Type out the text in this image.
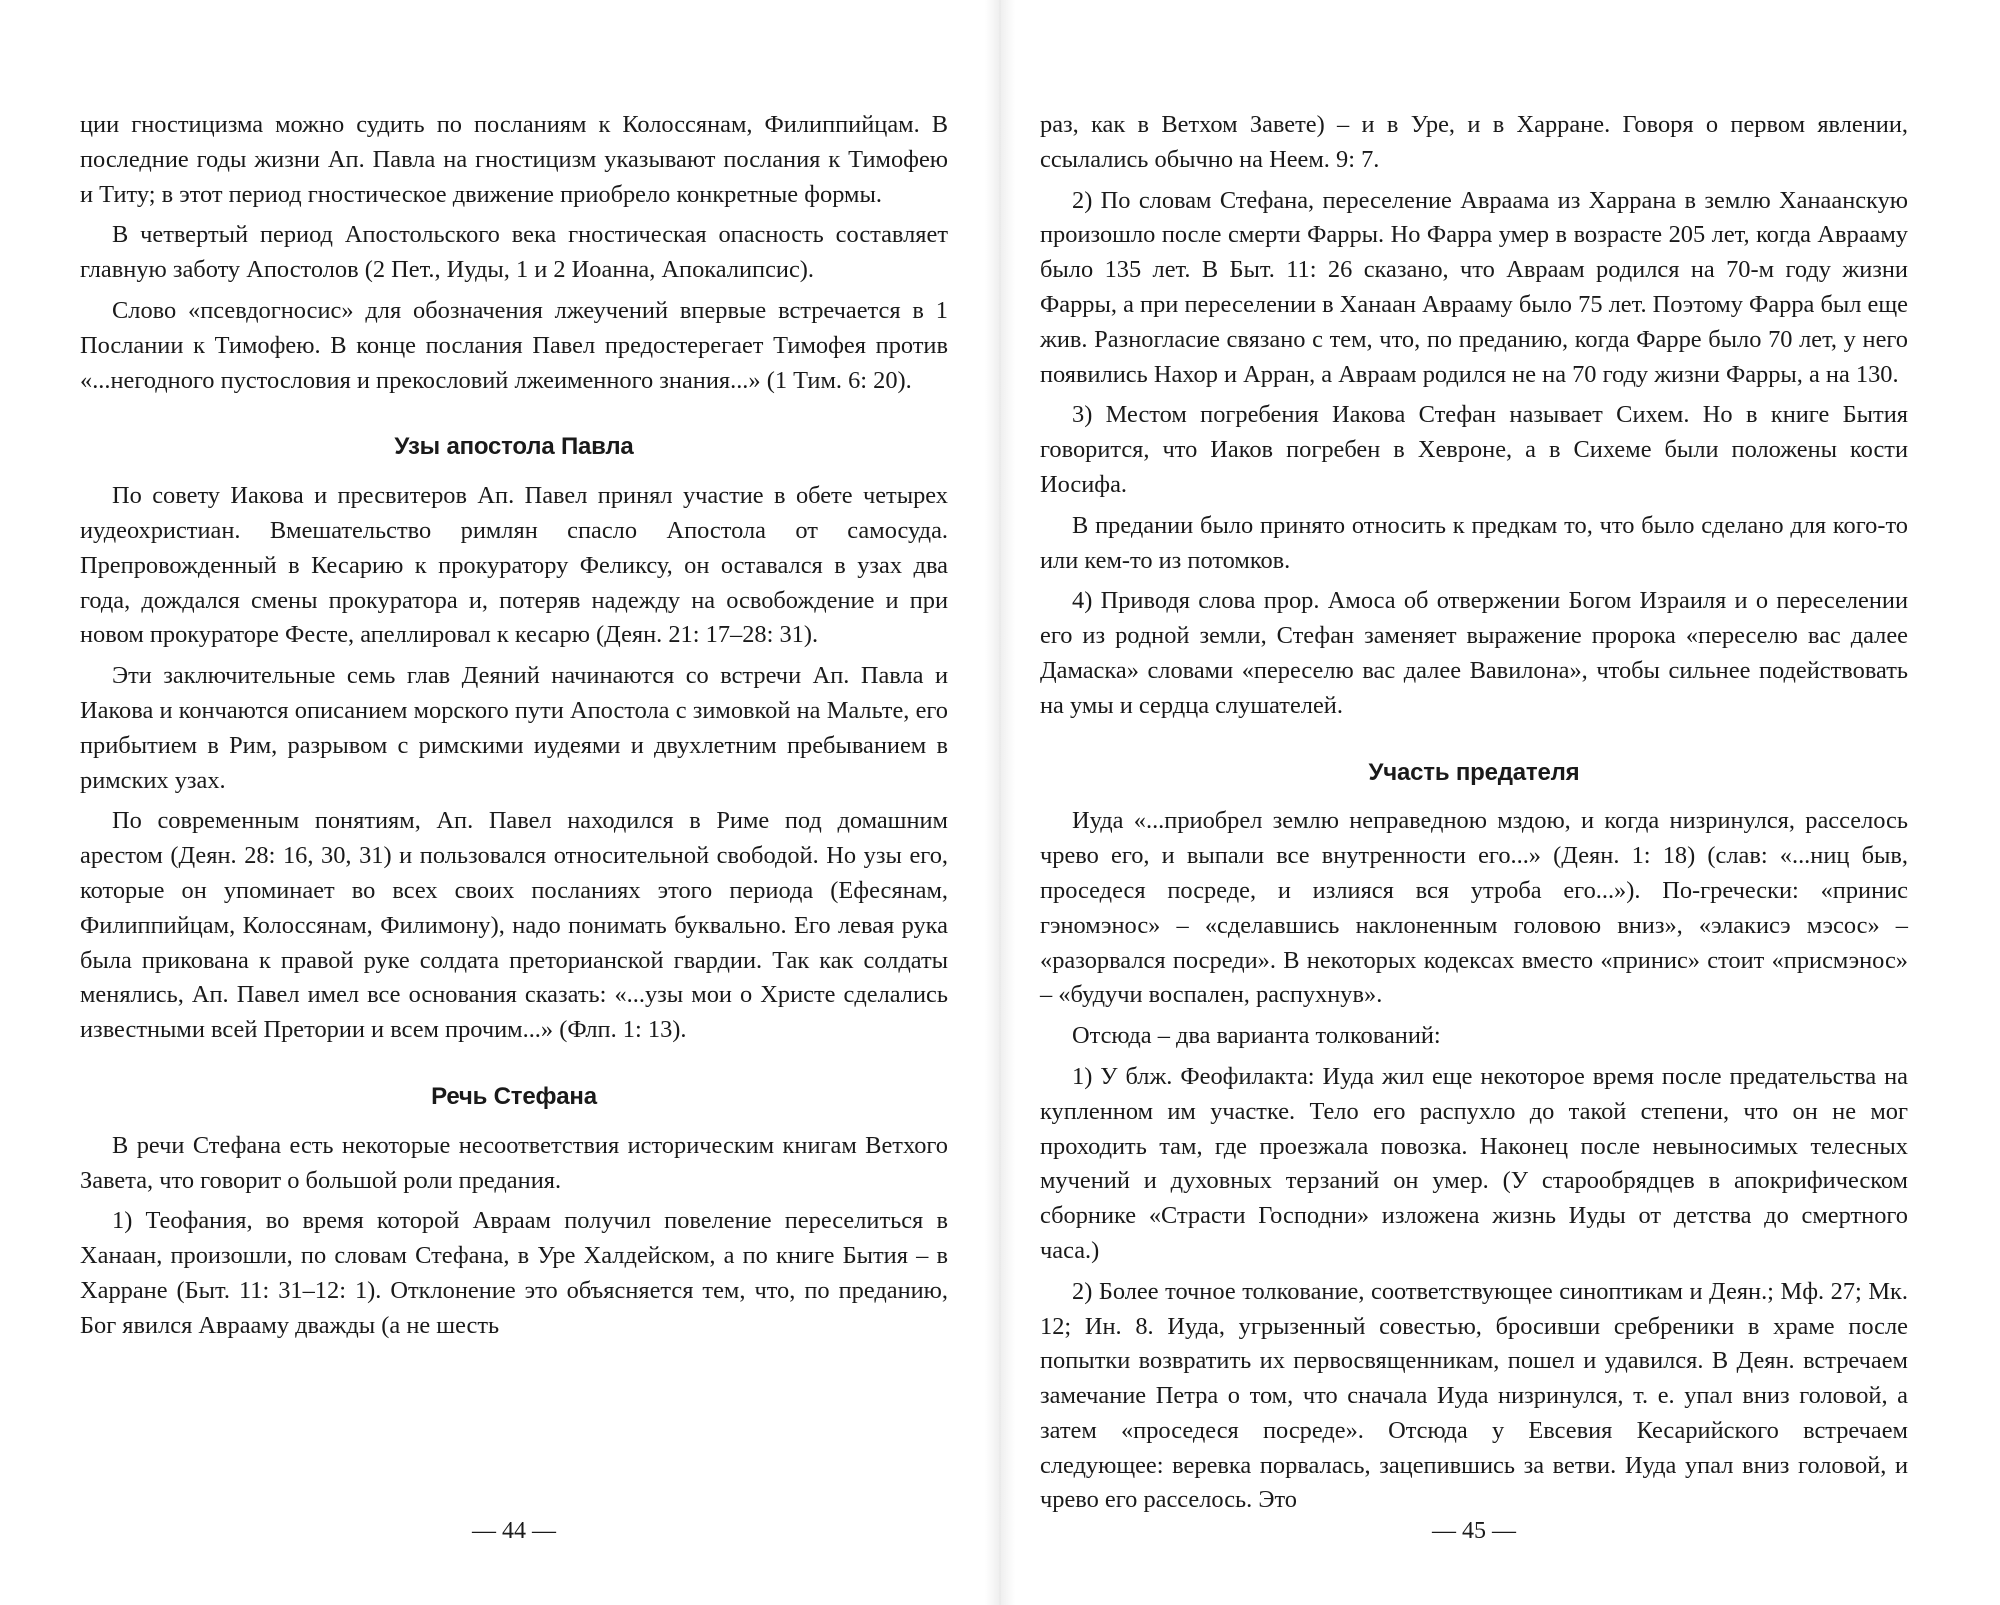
ции гностицизма можно судить по посланиям к Колоссянам, Филиппийцам. В последние годы жизни Ап. Павла на гностицизм указывают послания к Тимофею и Титу; в этот период гностическое движение приобрело конкретные формы.

В четвертый период Апостольского века гностическая опасность составляет главную заботу Апостолов (2 Пет., Иуды, 1 и 2 Иоанна, Апокалипсис).

Слово «псевдогносис» для обозначения лжеучений впервые встречается в 1 Послании к Тимофею. В конце послания Павел предостерегает Тимофея против «...негодного пустословия и прекословий лжеименного знания...» (1 Тим. 6: 20).

Узы апостола Павла

По совету Иакова и пресвитеров Ап. Павел принял участие в обете четырех иудеохристиан. Вмешательство римлян спасло Апостола от самосуда. Препровожденный в Кесарию к прокуратору Феликсу, он оставался в узах два года, дождался смены прокуратора и, потеряв надежду на освобождение и при новом прокураторе Фесте, апеллировал к кесарю (Деян. 21: 17–28: 31).

Эти заключительные семь глав Деяний начинаются со встречи Ап. Павла и Иакова и кончаются описанием морского пути Апостола с зимовкой на Мальте, его прибытием в Рим, разрывом с римскими иудеями и двухлетним пребыванием в римских узах.

По современным понятиям, Ап. Павел находился в Риме под домашним арестом (Деян. 28: 16, 30, 31) и пользовался относительной свободой. Но узы его, которые он упоминает во всех своих посланиях этого периода (Ефесянам, Филиппийцам, Колоссянам, Филимону), надо понимать буквально. Его левая рука была прикована к правой руке солдата преторианской гвардии. Так как солдаты менялись, Ап. Павел имел все основания сказать: «...узы мои о Христе сделались известными всей Претории и всем прочим...» (Флп. 1: 13).

Речь Стефана

В речи Стефана есть некоторые несоответствия историческим книгам Ветхого Завета, что говорит о большой роли предания.

1) Теофания, во время которой Авраам получил повеление переселиться в Ханаан, произошли, по словам Стефана, в Уре Халдейском, а по книге Бытия – в Харране (Быт. 11: 31–12: 1). Отклонение это объясняется тем, что, по преданию, Бог явился Аврааму дважды (а не шесть

— 44 —

раз, как в Ветхом Завете) – и в Уре, и в Харране. Говоря о первом явлении, ссылались обычно на Неем. 9: 7.

2) По словам Стефана, переселение Авраама из Харрана в землю Ханаанскую произошло после смерти Фарры. Но Фарра умер в возрасте 205 лет, когда Аврааму было 135 лет. В Быт. 11: 26 сказано, что Авраам родился на 70-м году жизни Фарры, а при переселении в Ханаан Аврааму было 75 лет. Поэтому Фарра был еще жив. Разногласие связано с тем, что, по преданию, когда Фарре было 70 лет, у него появились Нахор и Арран, а Авраам родился не на 70 году жизни Фарры, а на 130.

3) Местом погребения Иакова Стефан называет Сихем. Но в книге Бытия говорится, что Иаков погребен в Хевроне, а в Сихеме были положены кости Иосифа.

В предании было принято относить к предкам то, что было сделано для кого-то или кем-то из потомков.

4) Приводя слова прор. Амоса об отвержении Богом Израиля и о переселении его из родной земли, Стефан заменяет выражение пророка «переселю вас далее Дамаска» словами «переселю вас далее Вавилона», чтобы сильнее подействовать на умы и сердца слушателей.

Участь предателя

Иуда «...приобрел землю неправедною мздою, и когда низринулся, расселось чрево его, и выпали все внутренности его...» (Деян. 1: 18) (слав: «...ниц быв, проседеся посреде, и излияся вся утроба его...»). По-гречески: «принис гэномэнос» – «сделавшись наклоненным головою вниз», «элакисэ мэсос» – «разорвался посреди». В некоторых кодексах вместо «принис» стоит «присмэнос» – «будучи воспален, распухнув».

Отсюда – два варианта толкований:

1) У блж. Феофилакта: Иуда жил еще некоторое время после предательства на купленном им участке. Тело его распухло до такой степени, что он не мог проходить там, где проезжала повозка. Наконец после невыносимых телесных мучений и духовных терзаний он умер. (У старообрядцев в апокрифическом сборнике «Страсти Господни» изложена жизнь Иуды от детства до смертного часа.)

2) Более точное толкование, соответствующее синоптикам и Деян.; Мф. 27; Мк. 12; Ин. 8. Иуда, угрызенный совестью, бросивши сребреники в храме после попытки возвратить их первосвященникам, пошел и удавился. В Деян. встречаем замечание Петра о том, что сначала Иуда низринулся, т. е. упал вниз головой, а затем «проседеся посреде». Отсюда у Евсевия Кесарийского встречаем следующее: веревка порвалась, зацепившись за ветви. Иуда упал вниз головой, и чрево его расселось. Это

— 45 —
